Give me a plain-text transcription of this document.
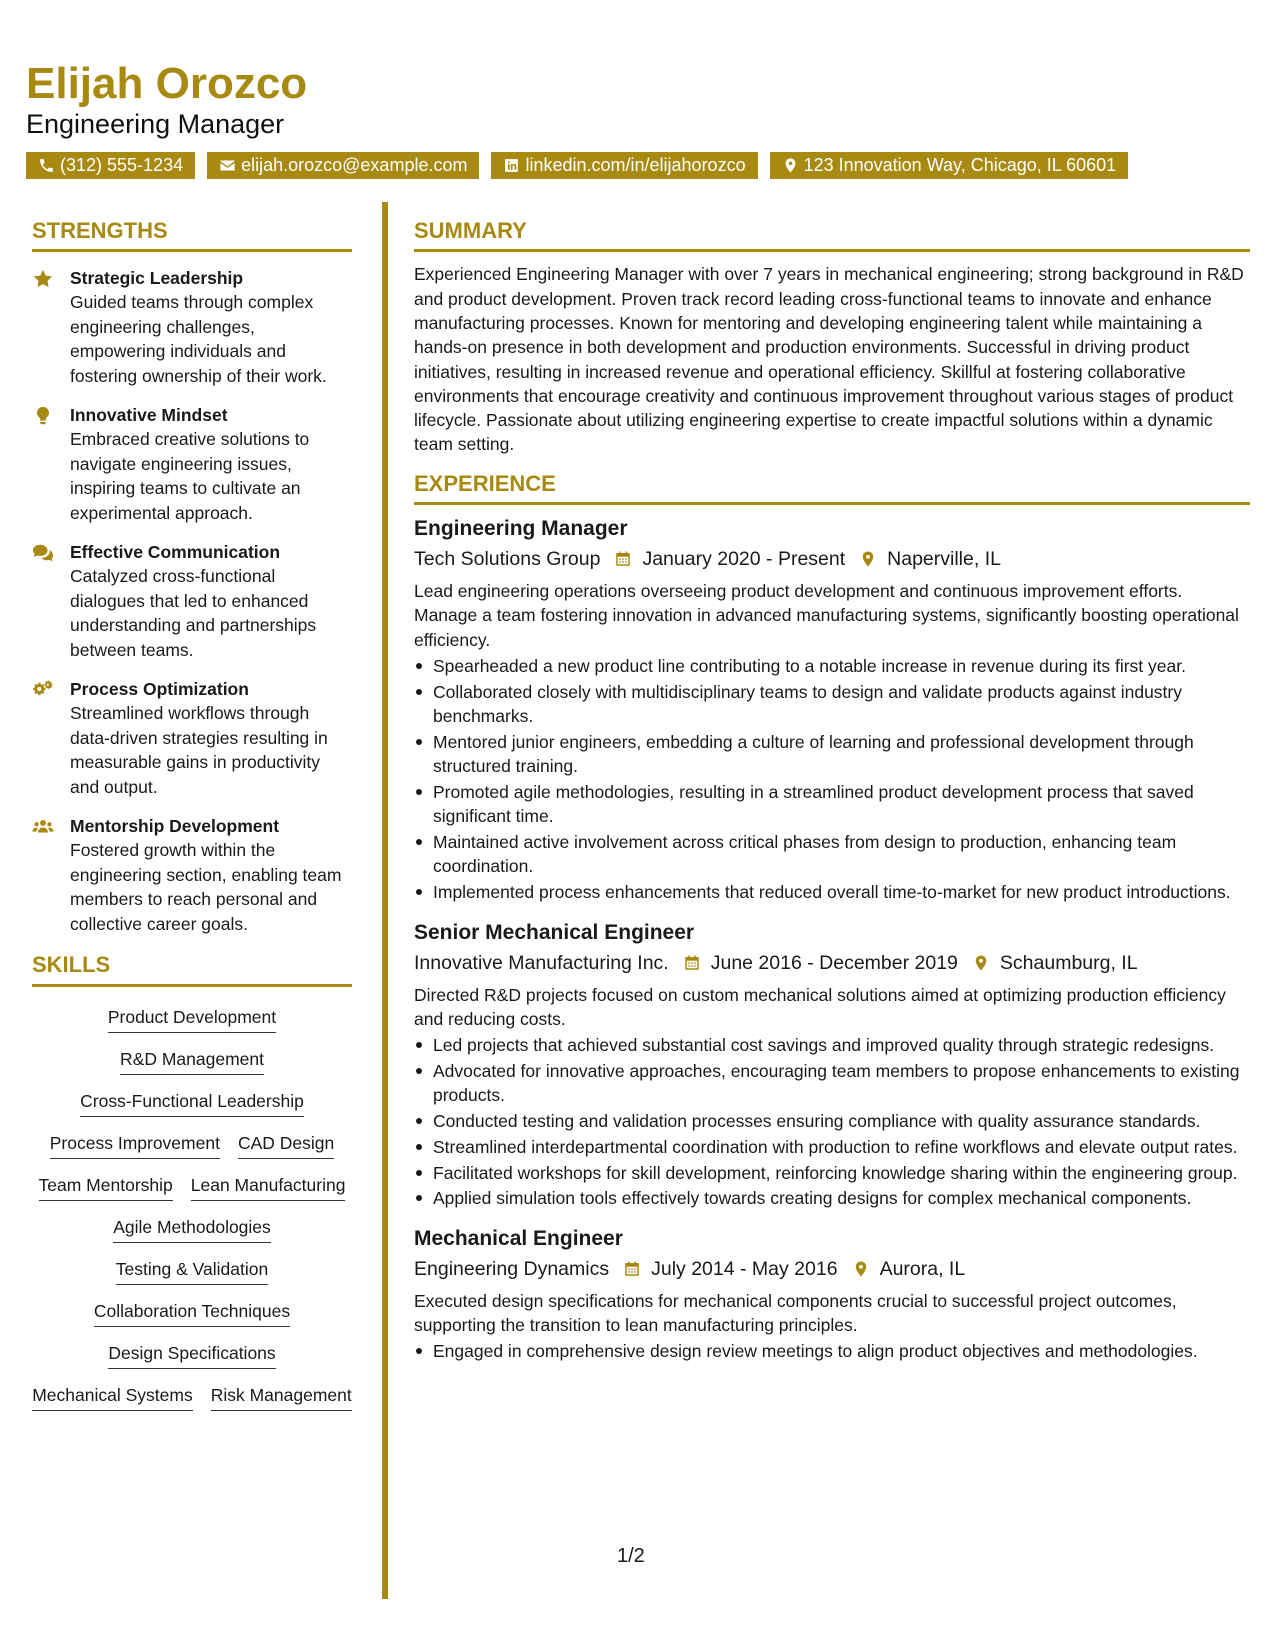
Elijah Orozco
Engineering Manager
(312) 555-1234	elijah.orozco@example.com	linkedin.com/in/elijahorozco	123 Innovation Way, Chicago, IL 60601
STRENGTHS
Strategic Leadership
Guided teams through complex engineering challenges, empowering individuals and fostering ownership of their work.
Innovative Mindset
Embraced creative solutions to navigate engineering issues, inspiring teams to cultivate an experimental approach.
Effective Communication
Catalyzed cross-functional dialogues that led to enhanced understanding and partnerships between teams.
Process Optimization
Streamlined workflows through data-driven strategies resulting in measurable gains in productivity and output.
Mentorship Development
Fostered growth within the engineering section, enabling team members to reach personal and collective career goals.
SKILLS
Product Development
R&D Management
Cross-Functional Leadership
Process Improvement CAD Design
Team Mentorship Lean Manufacturing
Agile Methodologies
Testing & Validation
Collaboration Techniques
Design Specifications
Mechanical Systems Risk Management
SUMMARY
Experienced Engineering Manager with over 7 years in mechanical engineering; strong background in R&D and product development. Proven track record leading cross-functional teams to innovate and enhance manufacturing processes. Known for mentoring and developing engineering talent while maintaining a hands-on presence in both development and production environments. Successful in driving product initiatives, resulting in increased revenue and operational efficiency. Skillful at fostering collaborative environments that encourage creativity and continuous improvement throughout various stages of product lifecycle. Passionate about utilizing engineering expertise to create impactful solutions within a dynamic team setting.
EXPERIENCE
Engineering Manager
Tech Solutions Group January 2020 - Present Naperville, IL
Lead engineering operations overseeing product development and continuous improvement efforts. Manage a team fostering innovation in advanced manufacturing systems, significantly boosting operational efficiency.
Spearheaded a new product line contributing to a notable increase in revenue during its first year.
Collaborated closely with multidisciplinary teams to design and validate products against industry benchmarks.
Mentored junior engineers, embedding a culture of learning and professional development through structured training.
Promoted agile methodologies, resulting in a streamlined product development process that saved significant time.
Maintained active involvement across critical phases from design to production, enhancing team coordination.
Implemented process enhancements that reduced overall time-to-market for new product introductions.
Senior Mechanical Engineer
Innovative Manufacturing Inc. June 2016 - December 2019 Schaumburg, IL
Directed R&D projects focused on custom mechanical solutions aimed at optimizing production efficiency and reducing costs.
Led projects that achieved substantial cost savings and improved quality through strategic redesigns.
Advocated for innovative approaches, encouraging team members to propose enhancements to existing products.
Conducted testing and validation processes ensuring compliance with quality assurance standards.
Streamlined interdepartmental coordination with production to refine workflows and elevate output rates.
Facilitated workshops for skill development, reinforcing knowledge sharing within the engineering group.
Applied simulation tools effectively towards creating designs for complex mechanical components.
Mechanical Engineer
Engineering Dynamics July 2014 - May 2016 Aurora, IL
Executed design specifications for mechanical components crucial to successful project outcomes, supporting the transition to lean manufacturing principles.
Engaged in comprehensive design review meetings to align product objectives and methodologies.
1/2
